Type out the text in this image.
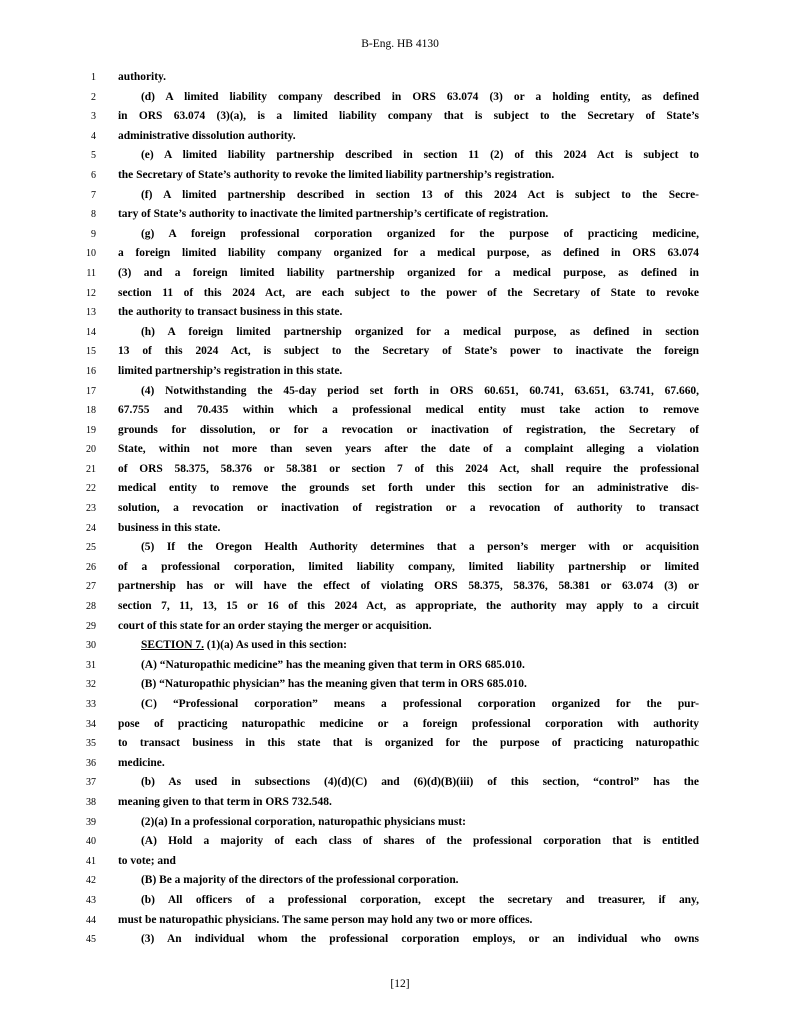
B-Eng. HB 4130
1 authority.
2	(d) A limited liability company described in ORS 63.074 (3) or a holding entity, as defined
3 in ORS 63.074 (3)(a), is a limited liability company that is subject to the Secretary of State’s
4 administrative dissolution authority.
5	(e) A limited liability partnership described in section 11 (2) of this 2024 Act is subject to
6 the Secretary of State’s authority to revoke the limited liability partnership’s registration.
7	(f) A limited partnership described in section 13 of this 2024 Act is subject to the Secre-
8 tary of State’s authority to inactivate the limited partnership’s certificate of registration.
9	(g) A foreign professional corporation organized for the purpose of practicing medicine,
10 a foreign limited liability company organized for a medical purpose, as defined in ORS 63.074
11 (3) and a foreign limited liability partnership organized for a medical purpose, as defined in
12 section 11 of this 2024 Act, are each subject to the power of the Secretary of State to revoke
13 the authority to transact business in this state.
14	(h) A foreign limited partnership organized for a medical purpose, as defined in section
15 13 of this 2024 Act, is subject to the Secretary of State’s power to inactivate the foreign
16 limited partnership’s registration in this state.
17	(4) Notwithstanding the 45-day period set forth in ORS 60.651, 60.741, 63.651, 63.741, 67.660,
18 67.755 and 70.435 within which a professional medical entity must take action to remove
19 grounds for dissolution, or for a revocation or inactivation of registration, the Secretary of
20 State, within not more than seven years after the date of a complaint alleging a violation
21 of ORS 58.375, 58.376 or 58.381 or section 7 of this 2024 Act, shall require the professional
22 medical entity to remove the grounds set forth under this section for an administrative dis-
23 solution, a revocation or inactivation of registration or a revocation of authority to transact
24 business in this state.
25	(5) If the Oregon Health Authority determines that a person’s merger with or acquisition
26 of a professional corporation, limited liability company, limited liability partnership or limited
27 partnership has or will have the effect of violating ORS 58.375, 58.376, 58.381 or 63.074 (3) or
28 section 7, 11, 13, 15 or 16 of this 2024 Act, as appropriate, the authority may apply to a circuit
29 court of this state for an order staying the merger or acquisition.
30	SECTION 7. (1)(a) As used in this section:
31	(A) “Naturopathic medicine” has the meaning given that term in ORS 685.010.
32	(B) “Naturopathic physician” has the meaning given that term in ORS 685.010.
33	(C) “Professional corporation” means a professional corporation organized for the pur-
34 pose of practicing naturopathic medicine or a foreign professional corporation with authority
35 to transact business in this state that is organized for the purpose of practicing naturopathic
36 medicine.
37	(b) As used in subsections (4)(d)(C) and (6)(d)(B)(iii) of this section, “control” has the
38 meaning given to that term in ORS 732.548.
39	(2)(a) In a professional corporation, naturopathic physicians must:
40	(A) Hold a majority of each class of shares of the professional corporation that is entitled
41 to vote; and
42	(B) Be a majority of the directors of the professional corporation.
43	(b) All officers of a professional corporation, except the secretary and treasurer, if any,
44 must be naturopathic physicians. The same person may hold any two or more offices.
45	(3) An individual whom the professional corporation employs, or an individual who owns
[12]
